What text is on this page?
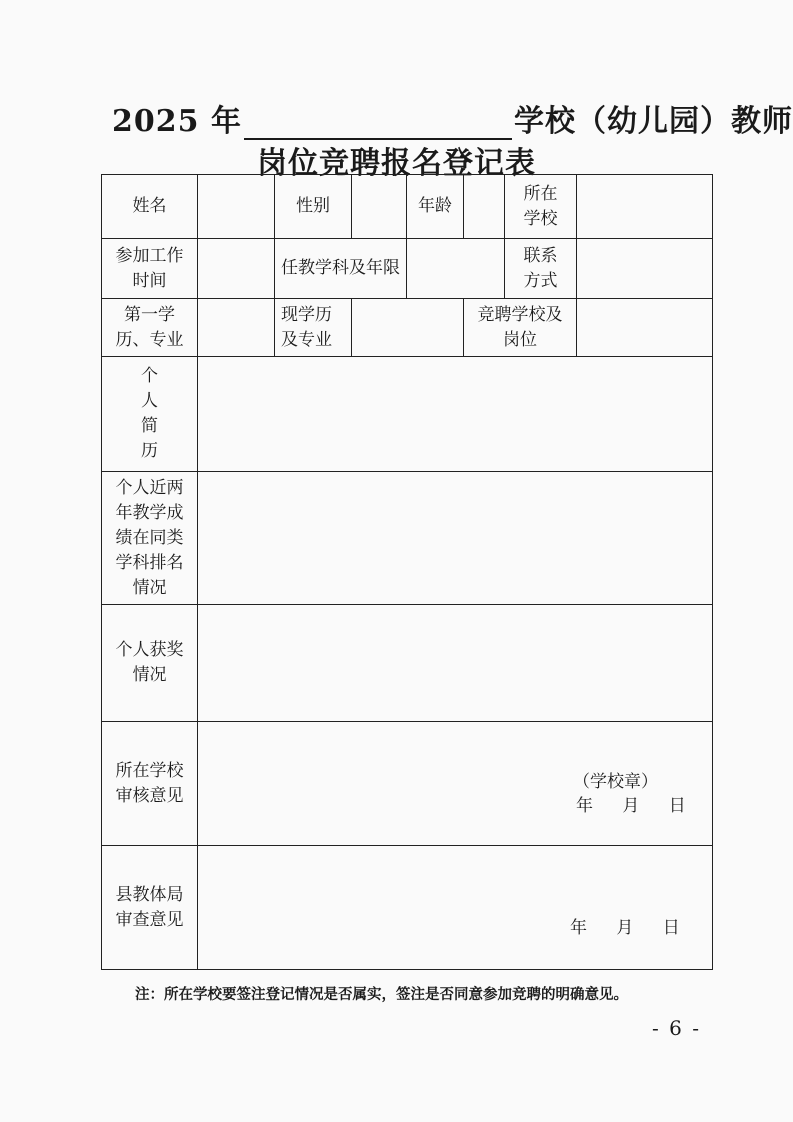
2025 年	学校（幼儿园）教师
岗位竞聘报名登记表
姓名		性别		年龄		所在
学校	

参加工作
时间		任教学科及年限				联系
方式	

第一学历、专业		现学历及专业			竞聘学校及岗位		

个
人
简
历							

个人近两年教学成绩在同类学科排名情况							
个人获奖情况							
所在学校审核意见	（学校章）
年 月 日						

县教体局审查意见	年 月 日						
注：所在学校要签注登记情况是否属实，签注是否同意参加竞聘的明确意见。
- 6 -
